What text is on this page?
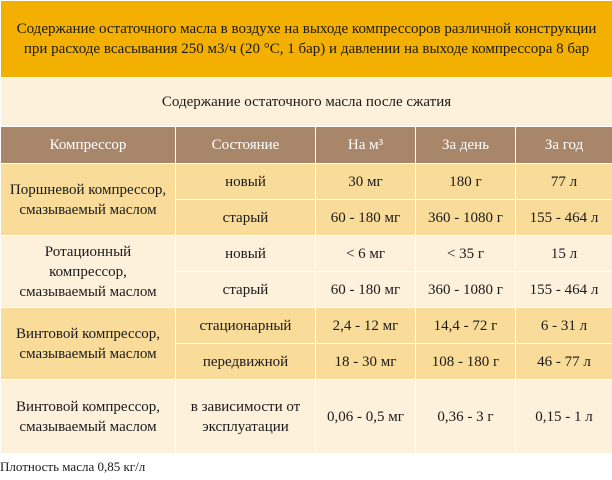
Содержание остаточного масла в воздухе на выходе компрессоров различной конструкции при расходе всасывания 250 м3/ч (20 °C, 1 бар) и давлении на выходе компрессора 8 бар				
Содержание остаточного масла после сжатия				
Компрессор	Состояние	На м³	За день	За год
Поршневой компрессор, смазываемый маслом	новый	30 мг	180 г	77 л
	старый	60 - 180 мг	360 - 1080 г	155 - 464 л
Ротационный компрессор, смазываемый маслом	новый	< 6 мг	< 35 г	15 л
	старый	60 - 180 мг	360 - 1080 г	155 - 464 л
Винтовой компрессор, смазываемый маслом	стационарный	2,4 - 12 мг	14,4 - 72 г	6 - 31 л
	передвижной	18 - 30 мг	108 - 180 г	46 - 77 л
Винтовой компрессор, смазываемый маслом	в зависимости от эксплуатации	0,06 - 0,5 мг	0,36 - 3 г	0,15 - 1 л
Плотность масла 0,85 кг/л
